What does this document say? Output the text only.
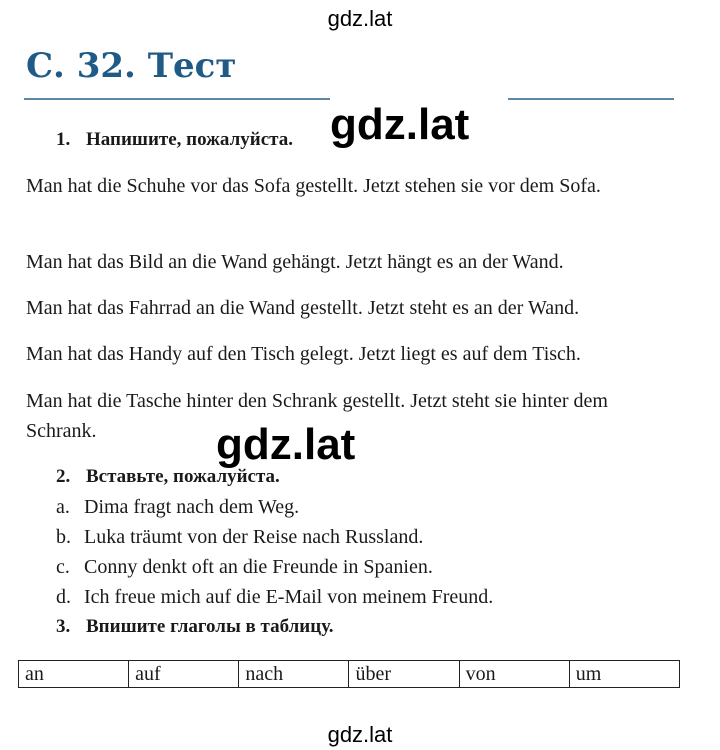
gdz.lat
С. 32. Тест
1. Напишите, пожалуйста. gdz.lat
Man hat die Schuhe vor das Sofa gestellt. Jetzt stehen sie vor dem Sofa.
Man hat das Bild an die Wand gehängt. Jetzt hängt es an der Wand.
Man hat das Fahrrad an die Wand gestellt. Jetzt steht es an der Wand.
Man hat das Handy auf den Tisch gelegt. Jetzt liegt es auf dem Tisch.
Man hat die Tasche hinter den Schrank gestellt. Jetzt steht sie hinter dem Schrank.
2. Вставьте, пожалуйста.
gdz.lat
a. Dima fragt nach dem Weg.
b. Luka träumt von der Reise nach Russland.
c. Conny denkt oft an die Freunde in Spanien.
d. Ich freue mich auf die E-Mail von meinem Freund.
3. Впишите глаголы в таблицу.
an	auf	nach	über	von	um
gdz.lat
